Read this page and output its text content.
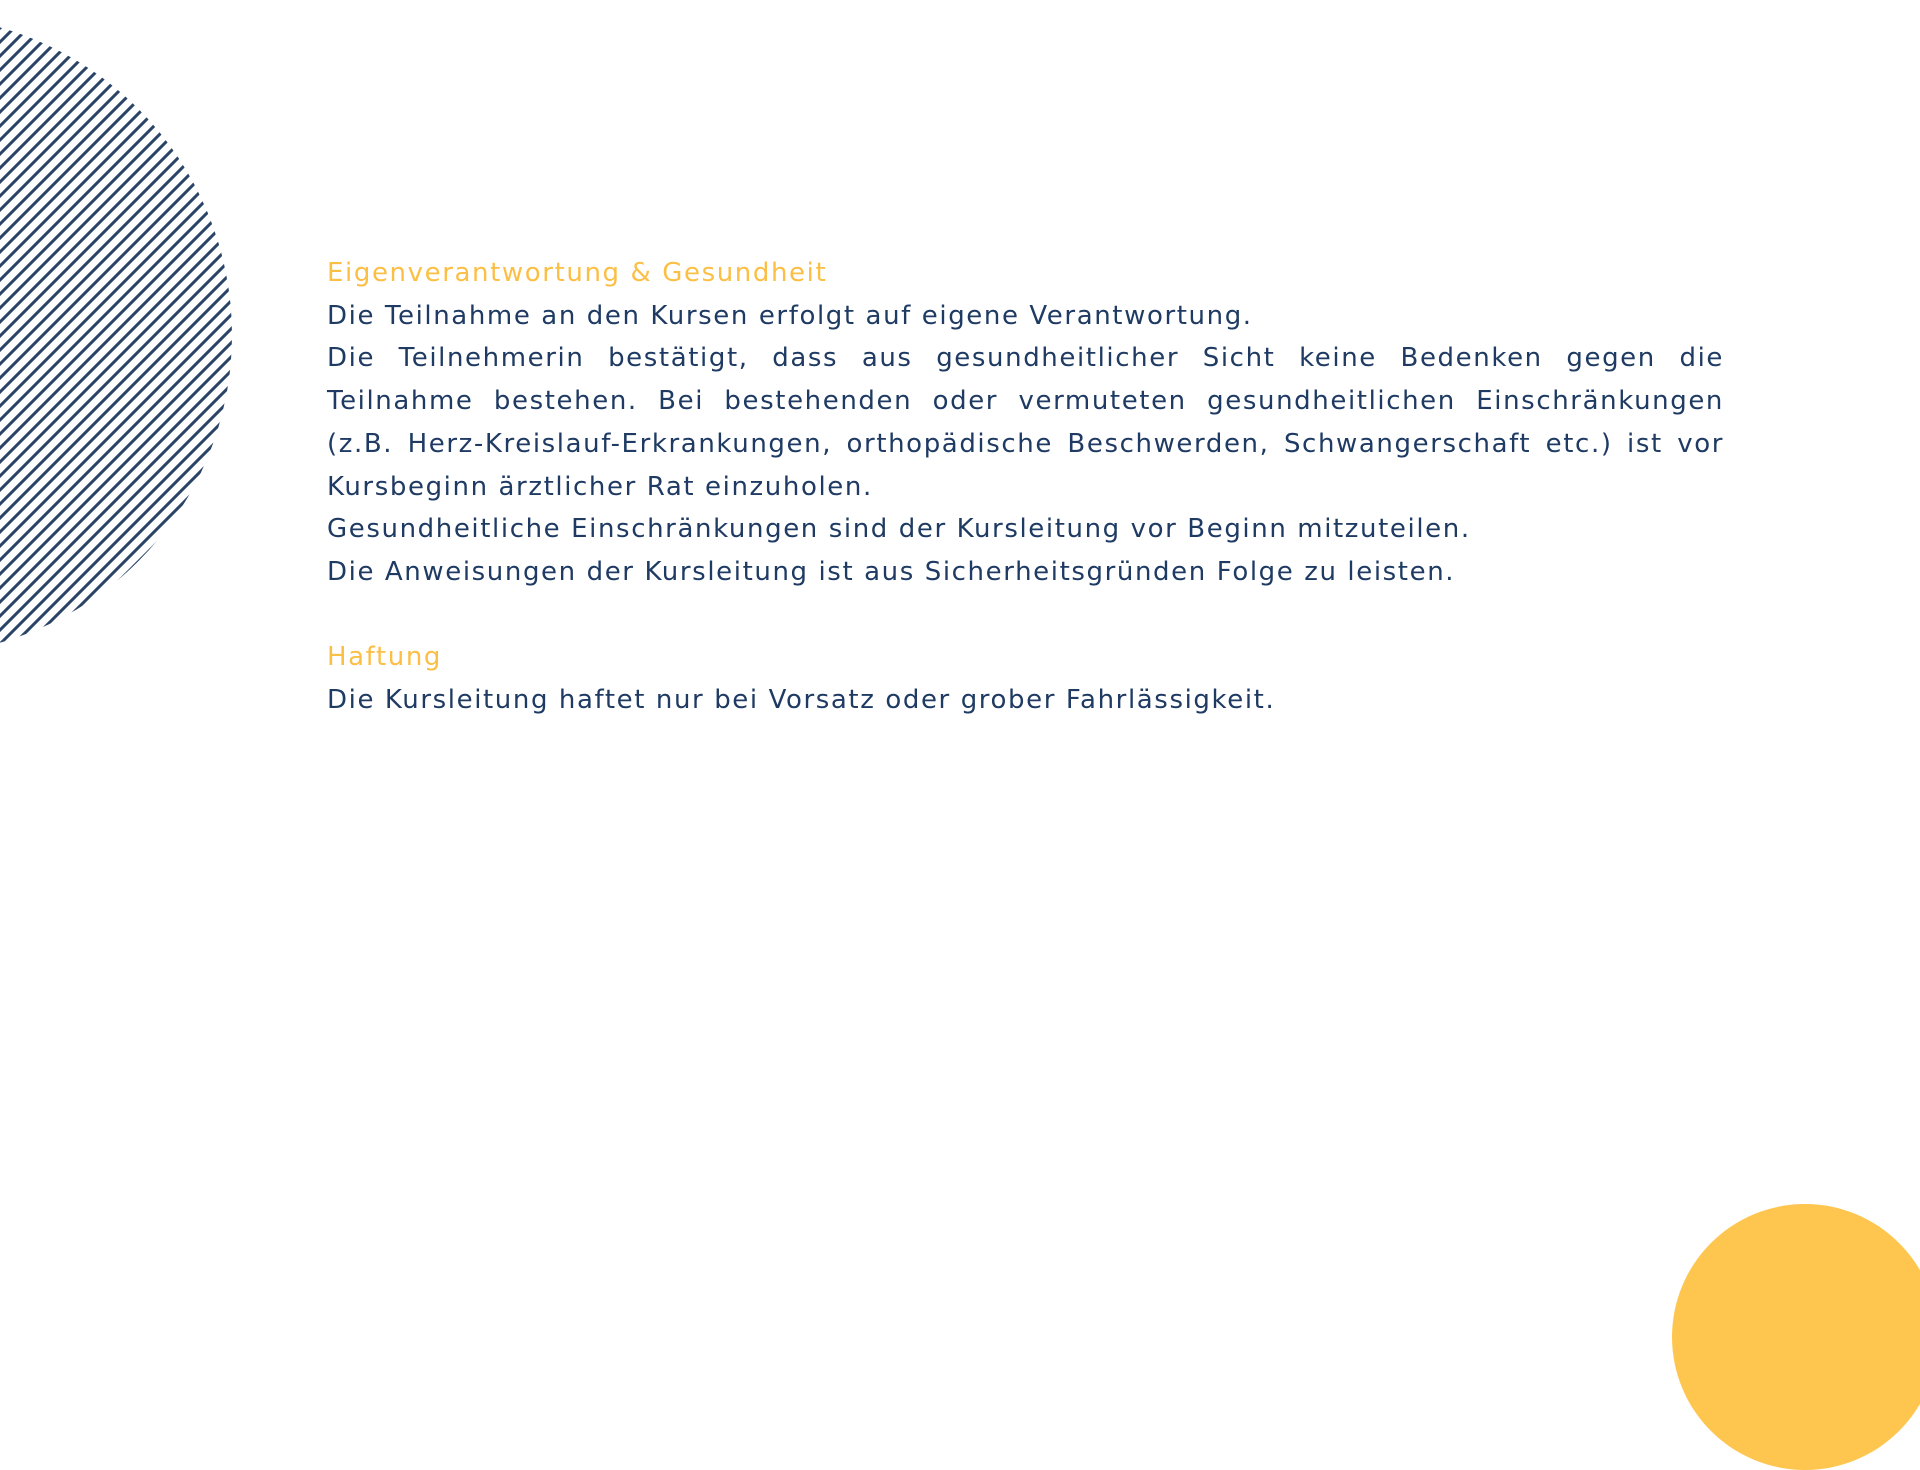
Eigenverantwortung & Gesundheit

Die Teilnahme an den Kursen erfolgt auf eigene Verantwortung.

Die Teilnehmerin bestätigt, dass aus gesundheitlicher Sicht keine Bedenken gegen die Teilnahme bestehen. Bei bestehenden oder vermuteten gesundheitlichen Einschränkungen (z.B. Herz-Kreislauf-Erkrankungen, orthopädische Beschwerden, Schwangerschaft etc.) ist vor Kursbeginn ärztlicher Rat einzuholen.

Gesundheitliche Einschränkungen sind der Kursleitung vor Beginn mitzuteilen.

Die Anweisungen der Kursleitung ist aus Sicherheitsgründen Folge zu leisten.

Haftung

Die Kursleitung haftet nur bei Vorsatz oder grober Fahrlässigkeit.
